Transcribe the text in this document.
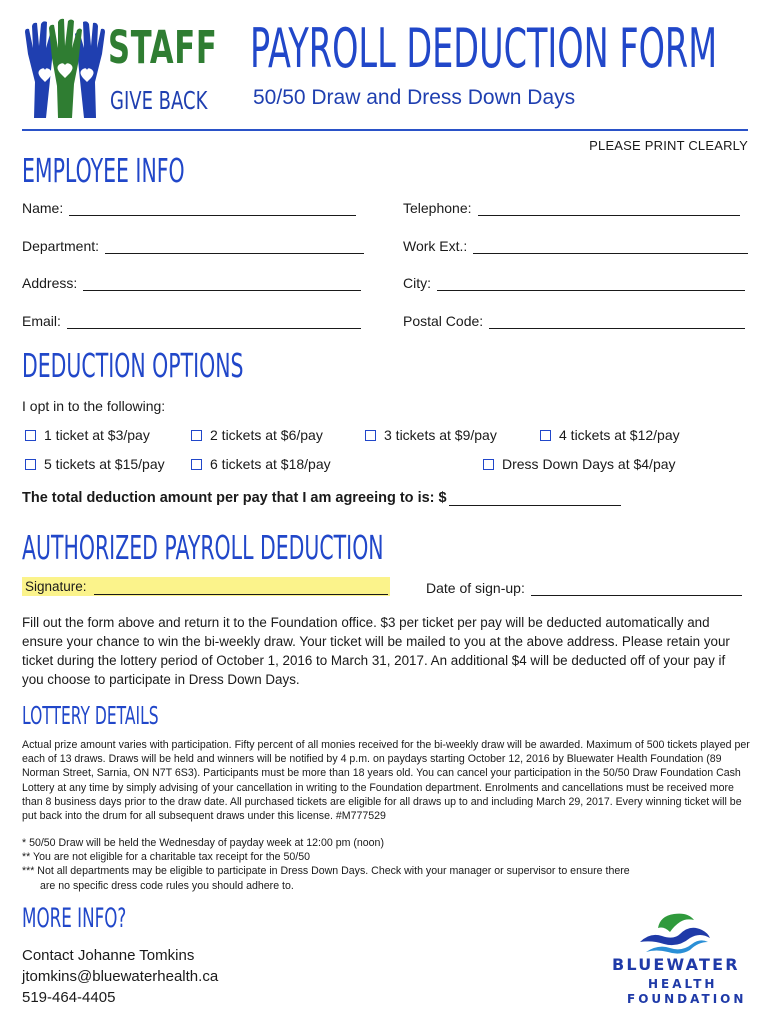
STAFF
GIVE BACK
PAYROLL DEDUCTION FORM
50/50 Draw and Dress Down Days
PLEASE PRINT CLEARLY
EMPLOYEE INFO
Name:	Telephone:
Department:	Work Ext.:
Address:	City:
Email:	Postal Code:
DEDUCTION OPTIONS
I opt in to the following:
1 ticket at $3/pay	2 tickets at $6/pay	3 tickets at $9/pay	4 tickets at $12/pay
5 tickets at $15/pay	6 tickets at $18/pay	Dress Down Days at $4/pay
The total deduction amount per pay that I am agreeing to is: $
AUTHORIZED PAYROLL DEDUCTION
Signature:	Date of sign-up:
Fill out the form above and return it to the Foundation office. $3 per ticket per pay will be deducted automatically and ensure your chance to win the bi-weekly draw. Your ticket will be mailed to you at the above address. Please retain your ticket during the lottery period of October 1, 2016 to March 31, 2017. An additional $4 will be deducted off of your pay if you choose to participate in Dress Down Days.
LOTTERY DETAILS
Actual prize amount varies with participation. Fifty percent of all monies received for the bi-weekly draw will be awarded. Maximum of 500 tickets played per each of 13 draws. Draws will be held and winners will be notified by 4 p.m. on paydays starting October 12, 2016 by Bluewater Health Foundation (89 Norman Street, Sarnia, ON N7T 6S3). Participants must be more than 18 years old. You can cancel your participation in the 50/50 Draw Foundation Cash Lottery at any time by simply advising of your cancellation in writing to the Foundation department. Enrolments and cancellations must be received more than 8 business days prior to the draw date. All purchased tickets are eligible for all draws up to and including March 29, 2017. Every winning ticket will be put back into the drum for all subsequent draws under this license. #M777529
* 50/50 Draw will be held the Wednesday of payday week at 12:00 pm (noon)
** You are not eligible for a charitable tax receipt for the 50/50
*** Not all departments may be eligible to participate in Dress Down Days. Check with your manager or supervisor to ensure there
are no specific dress code rules you should adhere to.
MORE INFO?
Contact Johanne Tomkins
jtomkins@bluewaterhealth.ca
519-464-4405
BLUEWATER
HEALTH
FOUNDATION
